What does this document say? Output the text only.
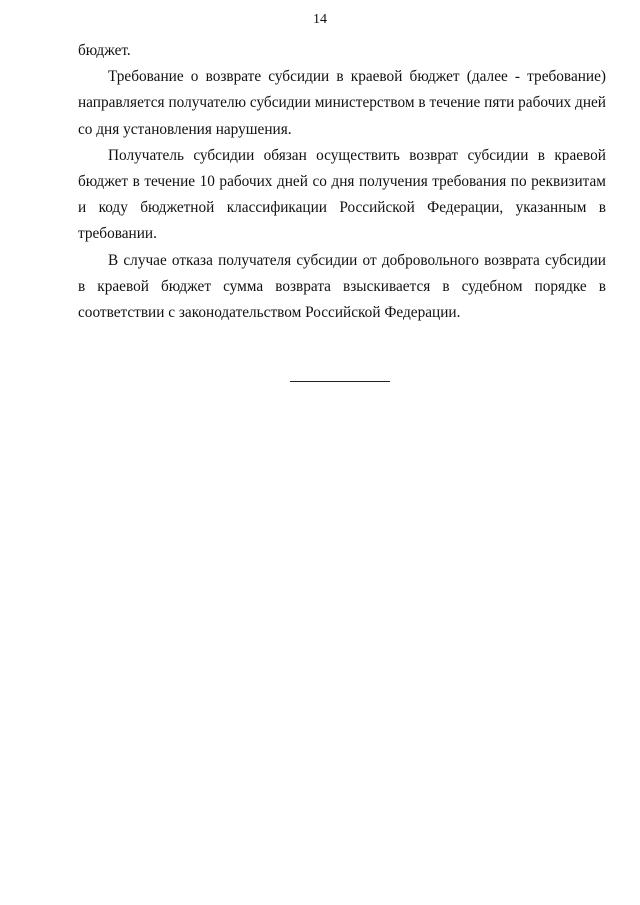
14

бюджет.

Требование о возврате субсидии в краевой бюджет (далее - требование) направляется получателю субсидии министерством в течение пяти рабочих дней со дня установления нарушения.

Получатель субсидии обязан осуществить возврат субсидии в краевой бюджет в течение 10 рабочих дней со дня получения требования по реквизитам и коду бюджетной классификации Российской Федерации, указанным в требовании.

В случае отказа получателя субсидии от добровольного возврата субсидии в краевой бюджет сумма возврата взыскивается в судебном порядке в соответствии с законодательством Российской Федерации.
